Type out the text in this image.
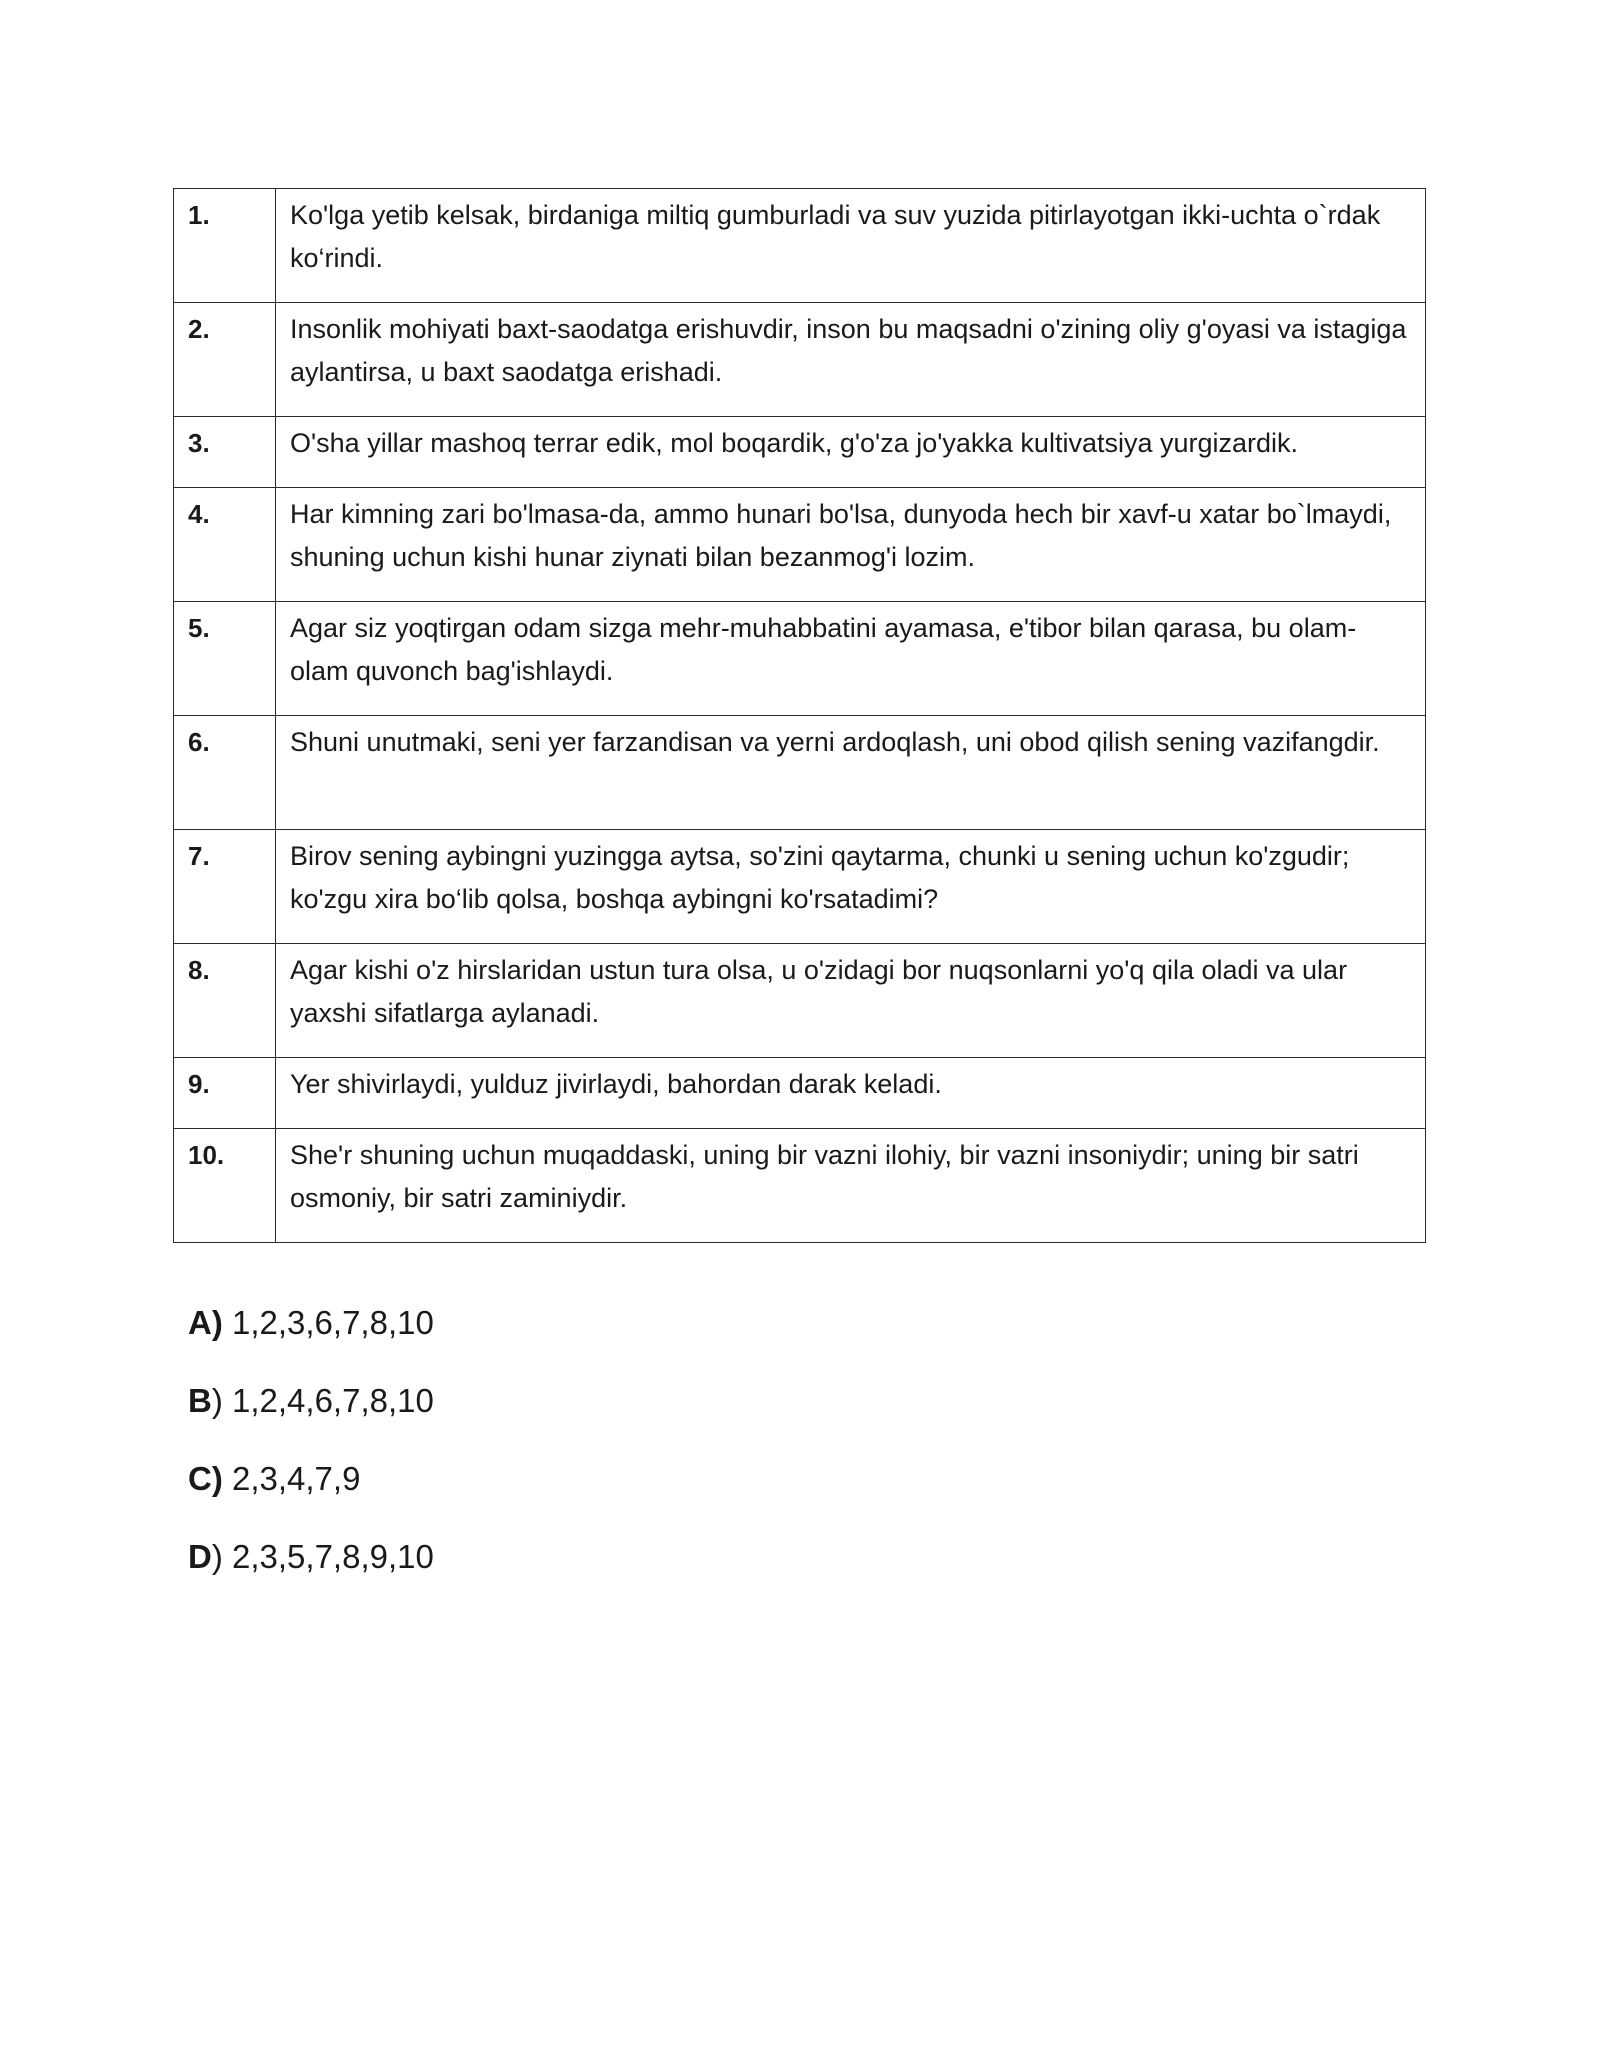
1.	Ko'lga yetib kelsak, birdaniga miltiq gumburladi va suv yuzida pitirlayotgan ikki-uchta o`rdak ko‘rindi.
2.	Insonlik mohiyati baxt-saodatga erishuvdir, inson bu maqsadni o'zining oliy g'oyasi va istagiga aylantirsa, u baxt saodatga erishadi.
3.	O'sha yillar mashoq terrar edik, mol boqardik, g'o'za jo'yakka kultivatsiya yurgizardik.
4.	Har kimning zari bo'lmasa-da, ammo hunari bo'lsa, dunyoda hech bir xavf-u xatar bo`lmaydi, shuning uchun kishi hunar ziynati bilan bezanmog'i lozim.
5.	Agar siz yoqtirgan odam sizga mehr-muhabbatini ayamasa, e'tibor bilan qarasa, bu olam- olam quvonch bag'ishlaydi.
6.	Shuni unutmaki, seni yer farzandisan va yerni ardoqlash, uni obod qilish sening vazifangdir.
7.	Birov sening aybingni yuzingga aytsa, so'zini qaytarma, chunki u sening uchun ko'zgudir; ko'zgu xira bo‘lib qolsa, boshqa aybingni ko'rsatadimi?
8.	Agar kishi o'z hirslaridan ustun tura olsa, u o'zidagi bor nuqsonlarni yo'q qila oladi va ular yaxshi sifatlarga aylanadi.
9.	Yer shivirlaydi, yulduz jivirlaydi, bahordan darak keladi.
10.	She'r shuning uchun muqaddaski, uning bir vazni ilohiy, bir vazni insoniydir; uning bir satri osmoniy, bir satri zaminiydir.
A) 1,2,3,6,7,8,10
B) 1,2,4,6,7,8,10
C) 2,3,4,7,9
D) 2,3,5,7,8,9,10
